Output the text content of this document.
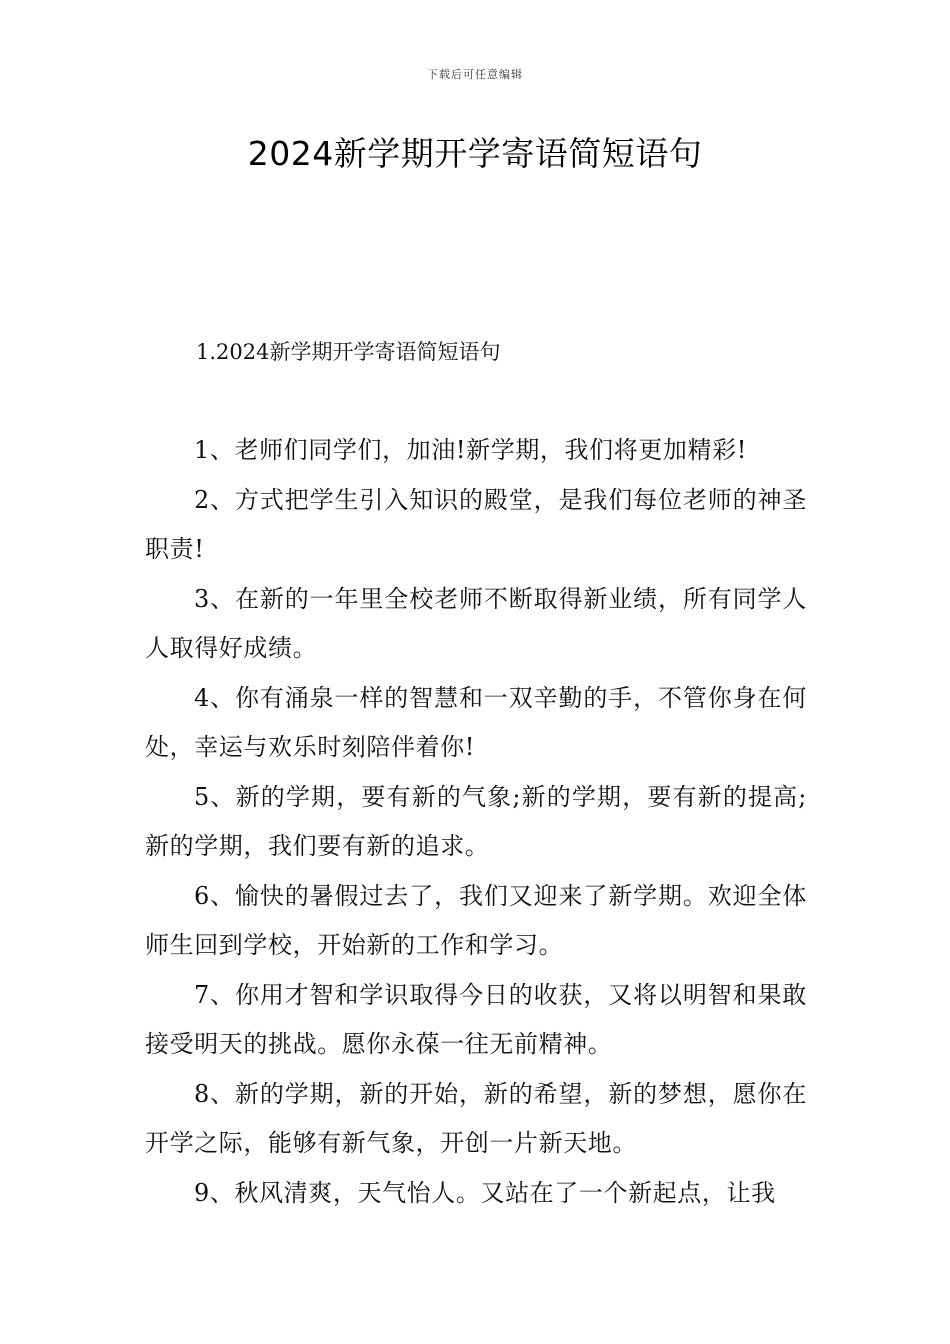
下载后可任意编辑
2024新学期开学寄语简短语句
1.2024新学期开学寄语简短语句

1、老师们同学们，加油!新学期，我们将更加精彩!

2、方式把学生引入知识的殿堂，是我们每位老师的神圣职责!

3、在新的一年里全校老师不断取得新业绩，所有同学人人取得好成绩。

4、你有涌泉一样的智慧和一双辛勤的手，不管你身在何处，幸运与欢乐时刻陪伴着你!

5、新的学期，要有新的气象;新的学期，要有新的提高;新的学期，我们要有新的追求。

6、愉快的暑假过去了，我们又迎来了新学期。欢迎全体师生回到学校，开始新的工作和学习。

7、你用才智和学识取得今日的收获，又将以明智和果敢接受明天的挑战。愿你永葆一往无前精神。

8、新的学期，新的开始，新的希望，新的梦想，愿你在开学之际，能够有新气象，开创一片新天地。

9、秋风清爽，天气怡人。又站在了一个新起点，让我
